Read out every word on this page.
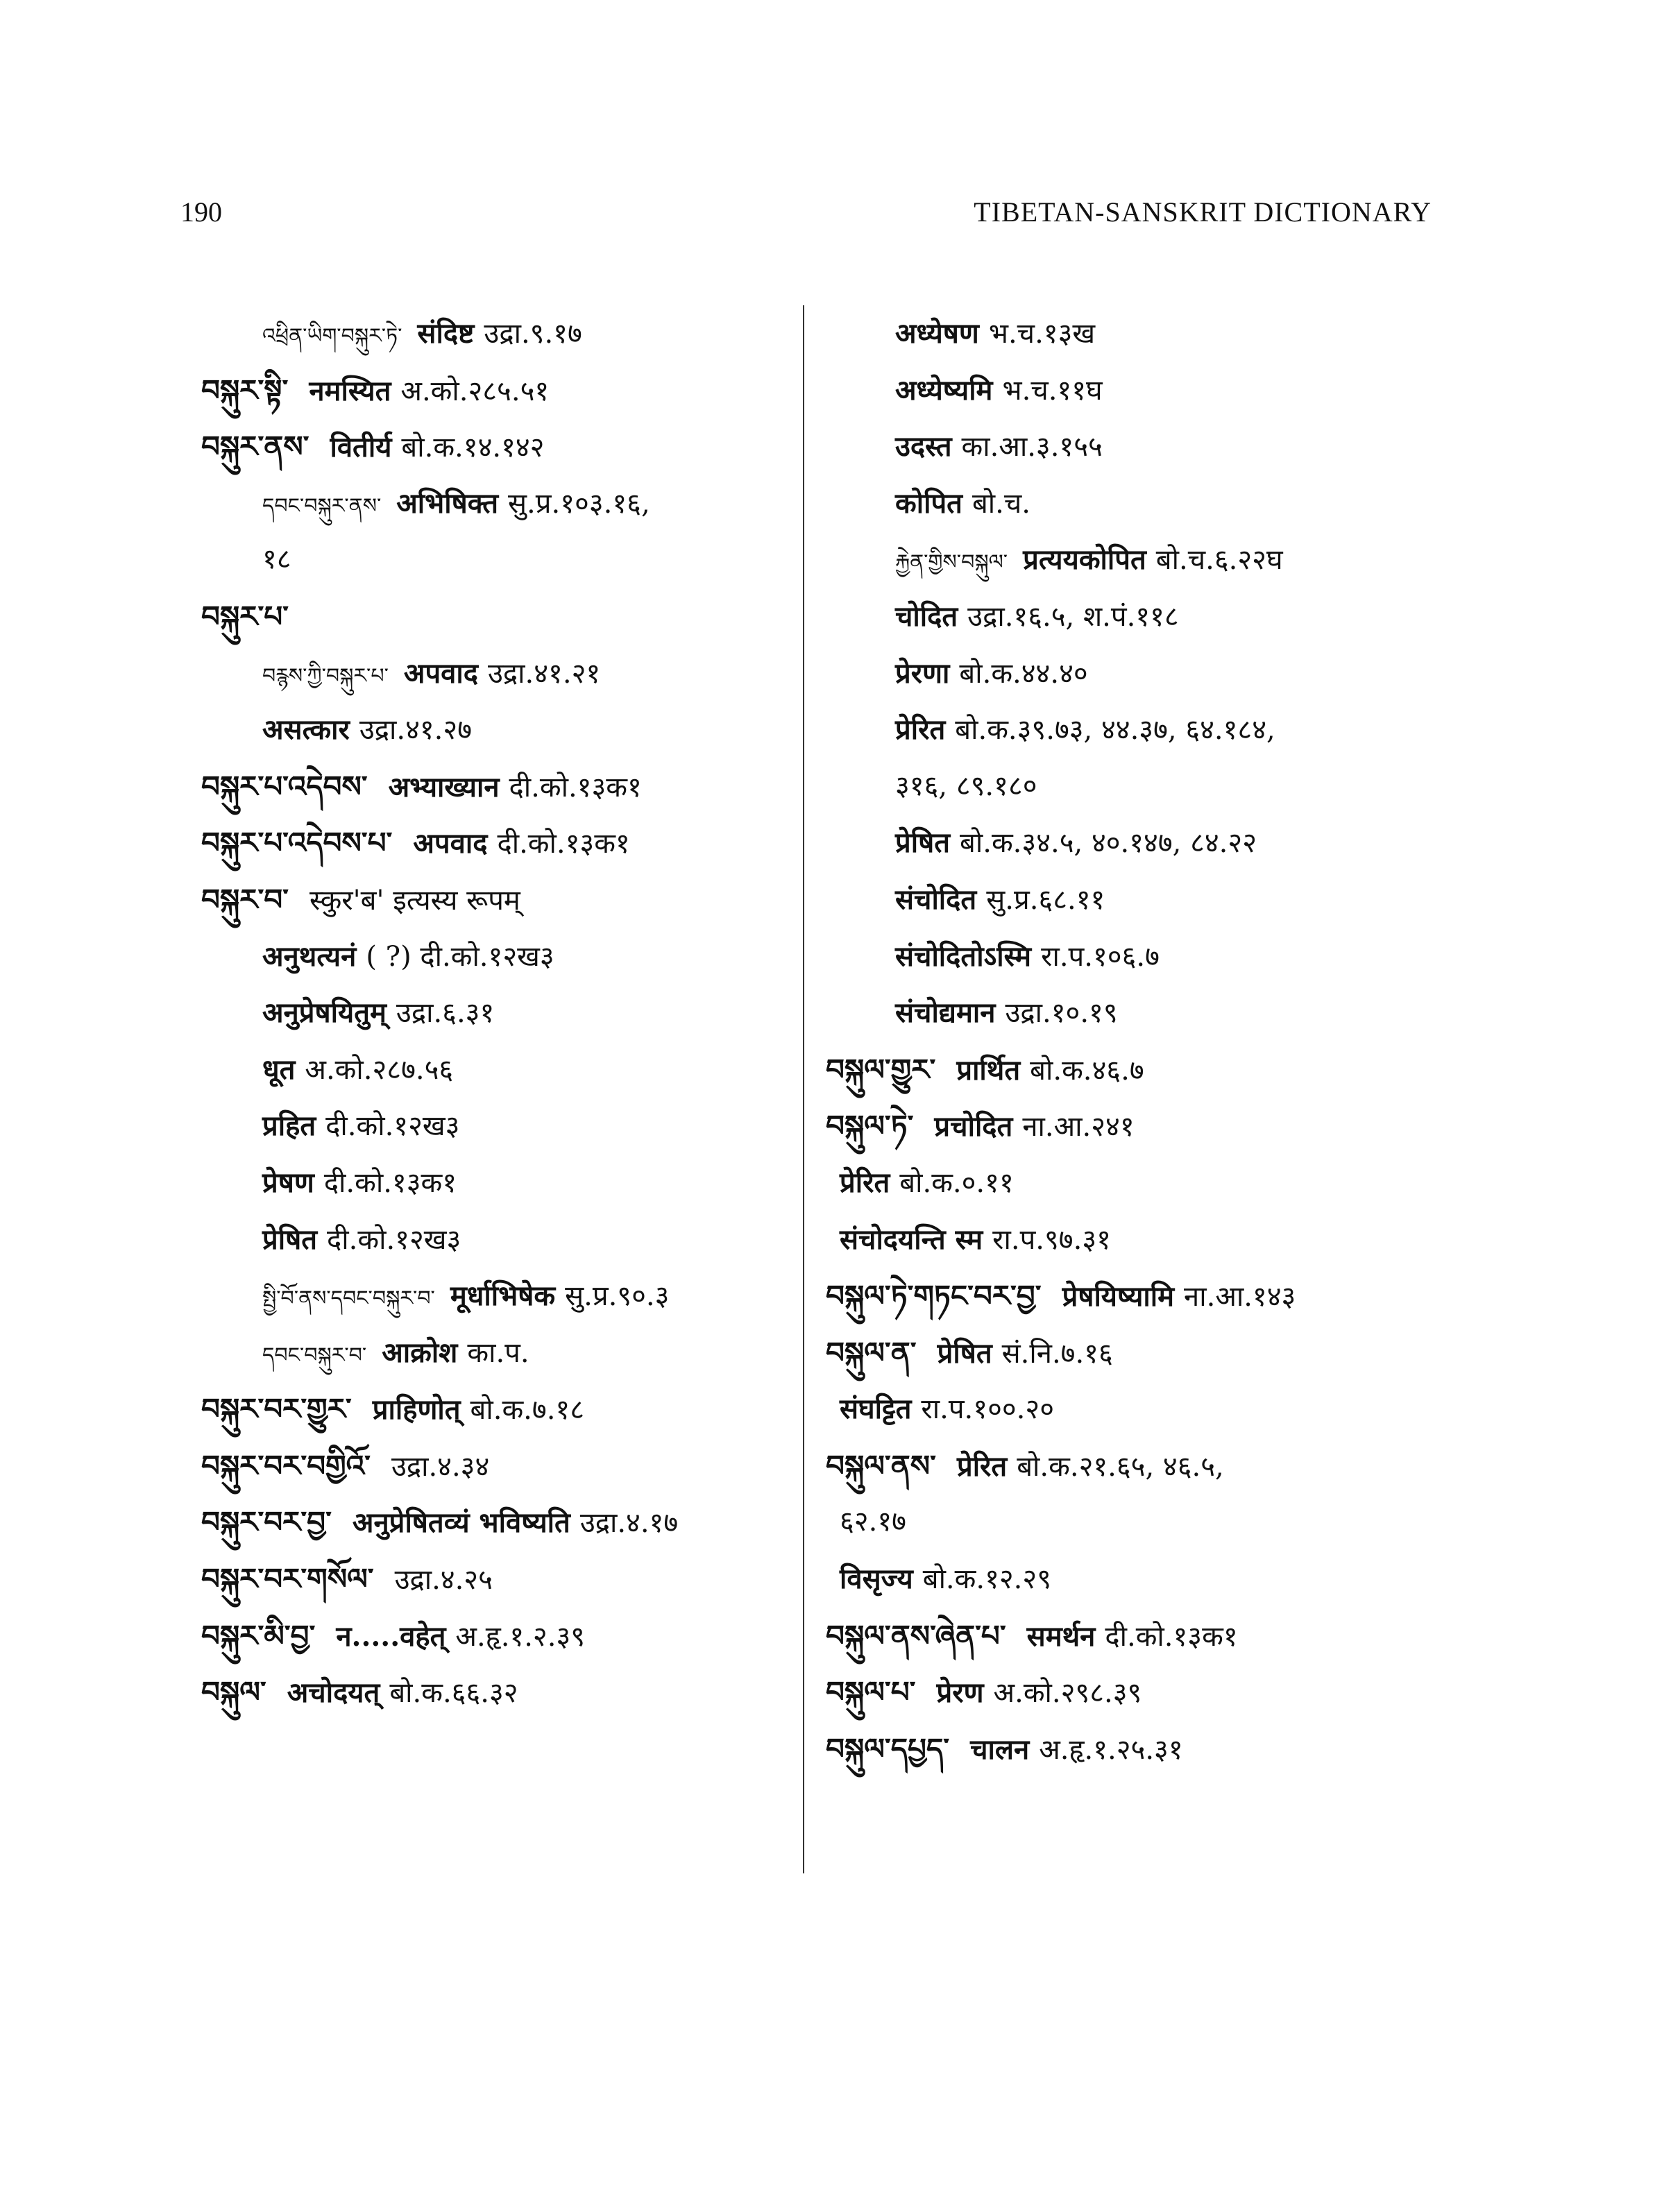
190	TIBETAN-SANSKRIT DICTIONARY
འཕྲིན་ཡིག་བསྐུར་ཏེ་ संदिष्ट उद्रा.९.१७
བསྐུར་སྟི་ नमस्यित अ.को.२८५.५१
བསྐུར་ནས་ वितीर्य बो.क.१४.१४२
དབང་བསྐུར་ནས་ अभिषिक्त सु.प्र.१०३.१६,
१८
བསྐུར་པ་
བརྙས་ཀྱི་བསྐུར་པ་ अपवाद उद्रा.४१.२१
असत्कार उद्रा.४१.२७
བསྐུར་པ་འདེབས་ अभ्याख्यान दी.को.१३क१
བསྐུར་པ་འདེབས་པ་ अपवाद दी.को.१३क१
བསྐུར་བ་ स्कुर'ब' इत्यस्य रूपम्
अनुथत्यनं ( ?) दी.को.१२ख३
अनुप्रेषयितुम् उद्रा.६.३१
धूत अ.को.२८७.५६
प्रहित दी.को.१२ख३
प्रेषण दी.को.१३क१
प्रेषित दी.को.१२ख३
སྤྱི་བོ་ནས་དབང་བསྐུར་བ་ मूर्धाभिषेक सु.प्र.९०.३
དབང་བསྐུར་བ་ आक्रोश का.प.
བསྐུར་བར་གྱུར་ प्राहिणोत् बो.क.७.१८
བསྐུར་བར་བགྱིའོ་ उद्रा.४.३४
བསྐུར་བར་བྱ་ अनुप्रेषितव्यं भविष्यति उद्रा.४.१७
བསྐུར་བར་གསོལ་ उद्रा.४.२५
བསྐུར་མི་བྱ་ न.....वहेत् अ.हृ.१.२.३९
བསྐུལ་ अचोदयत् बो.क.६६.३२
अध्येषण भ.च.१३ख
अध्येष्यमि भ.च.११घ
उदस्त का.आ.३.१५५
कोपित बो.च.
རྐྱེན་གྱིས་བསྐུལ་ प्रत्ययकोपित बो.च.६.२२घ
चोदित उद्रा.१६.५, श.पं.११८
प्रेरणा बो.क.४४.४०
प्रेरित बो.क.३९.७३, ४४.३७, ६४.१८४,
३१६, ८९.१८०
प्रेषित बो.क.३४.५, ४०.१४७, ८४.२२
संचोदित सु.प्र.६८.११
संचोदितोऽस्मि रा.प.१०६.७
संचोद्यमान उद्रा.१०.१९
བསྐུལ་གྱུར་ प्रार्थित बो.क.४६.७
བསྐུལ་ཏེ་ प्रचोदित ना.आ.२४१
प्रेरित बो.क.०.११
संचोदयन्ति स्म रा.प.९७.३१
བསྐུལ་ཏེ་གཏང་བར་བྱ་ प्रेषयिष्यामि ना.आ.१४३
བསྐུལ་ན་ प्रेषित सं.नि.७.१६
संघट्टित रा.प.१००.२०
བསྐུལ་ནས་ प्रेरित बो.क.२१.६५, ४६.५,
६२.१७
विसृज्य बो.क.१२.२९
བསྐུལ་ནས་ཞེན་པ་ समर्थन दी.को.१३क१
བསྐུལ་པ་ प्रेरण अ.को.२९८.३९
བསྐུལ་དཔྱད་ चालन अ.हृ.१.२५.३१
